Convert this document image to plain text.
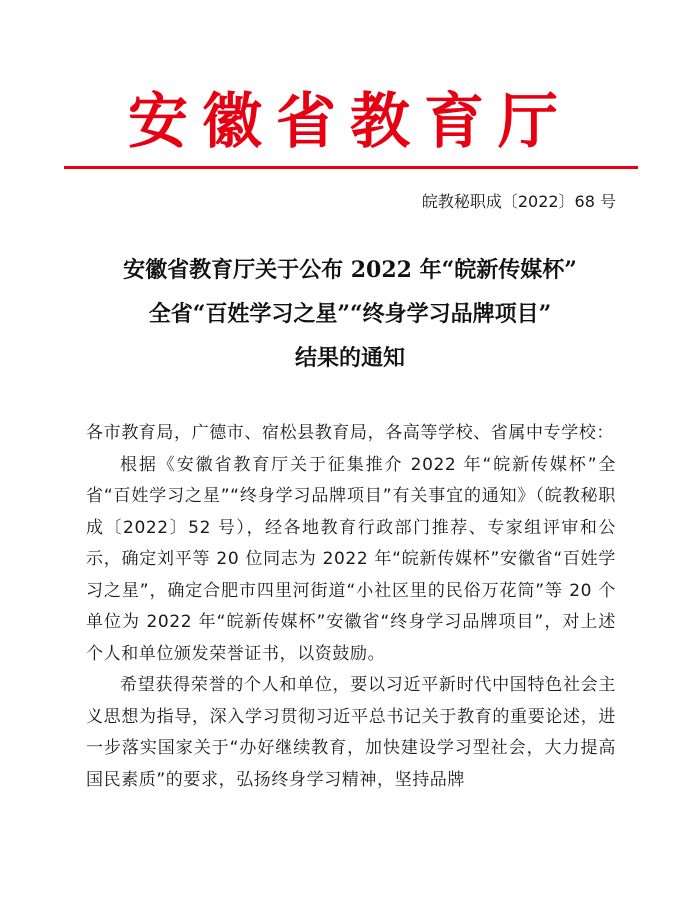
安徽省教育厅
皖教秘职成〔2022〕68 号
安徽省教育厅关于公布 2022 年“皖新传媒杯”
全省“百姓学习之星”“终身学习品牌项目”
结果的通知

各市教育局，广德市、宿松县教育局，各高等学校、省属中专学校：

根据《安徽省教育厅关于征集推介 2022 年“皖新传媒杯”全省“百姓学习之星”“终身学习品牌项目”有关事宜的通知》（皖教秘职成〔2022〕52 号），经各地教育行政部门推荐、专家组评审和公示，确定刘平等 20 位同志为 2022 年“皖新传媒杯”安徽省“百姓学习之星”，确定合肥市四里河街道“小社区里的民俗万花筒”等 20 个单位为 2022 年“皖新传媒杯”安徽省“终身学习品牌项目”，对上述个人和单位颁发荣誉证书，以资鼓励。

希望获得荣誉的个人和单位，要以习近平新时代中国特色社会主义思想为指导，深入学习贯彻习近平总书记关于教育的重要论述，进一步落实国家关于“办好继续教育，加快建设学习型社会，大力提高国民素质”的要求，弘扬终身学习精神，坚持品牌
